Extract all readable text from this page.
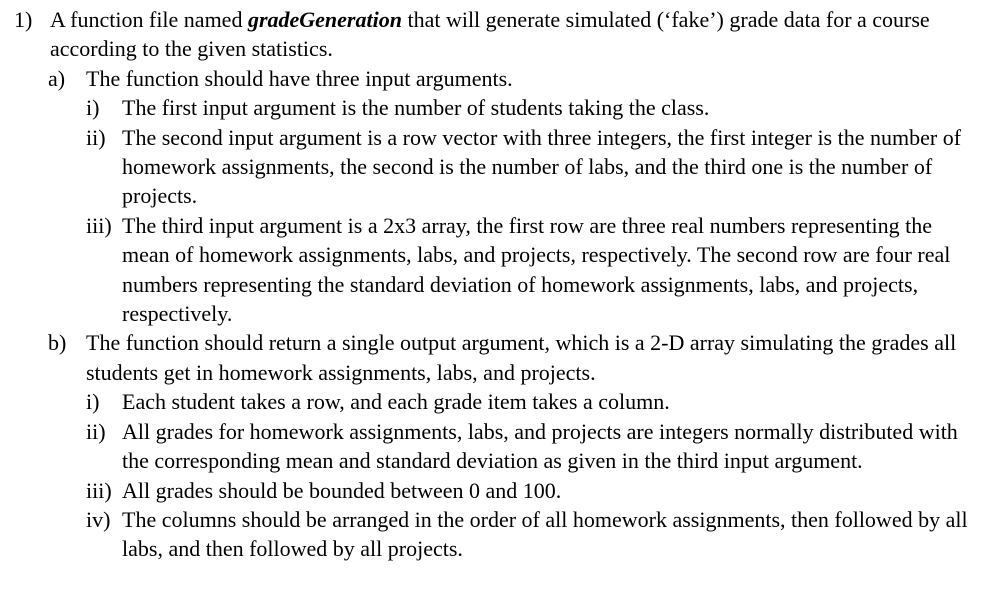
1) A function file named gradeGeneration that will generate simulated (‘fake’) grade data for a course according to the given statistics.
a) The function should have three input arguments.
i)	The first input argument is the number of students taking the class.
ii) The second input argument is a row vector with three integers, the first integer is the number of homework assignments, the second is the number of labs, and the third one is the number of projects.
iii) The third input argument is a 2x3 array, the first row are three real numbers representing the mean of homework assignments, labs, and projects, respectively. The second row are four real numbers representing the standard deviation of homework assignments, labs, and projects, respectively.
b) The function should return a single output argument, which is a 2-D array simulating the grades all students get in homework assignments, labs, and projects.
i)	Each student takes a row, and each grade item takes a column.
ii) All grades for homework assignments, labs, and projects are integers normally distributed with the corresponding mean and standard deviation as given in the third input argument.
iii) All grades should be bounded between 0 and 100.
iv) The columns should be arranged in the order of all homework assignments, then followed by all labs, and then followed by all projects.
